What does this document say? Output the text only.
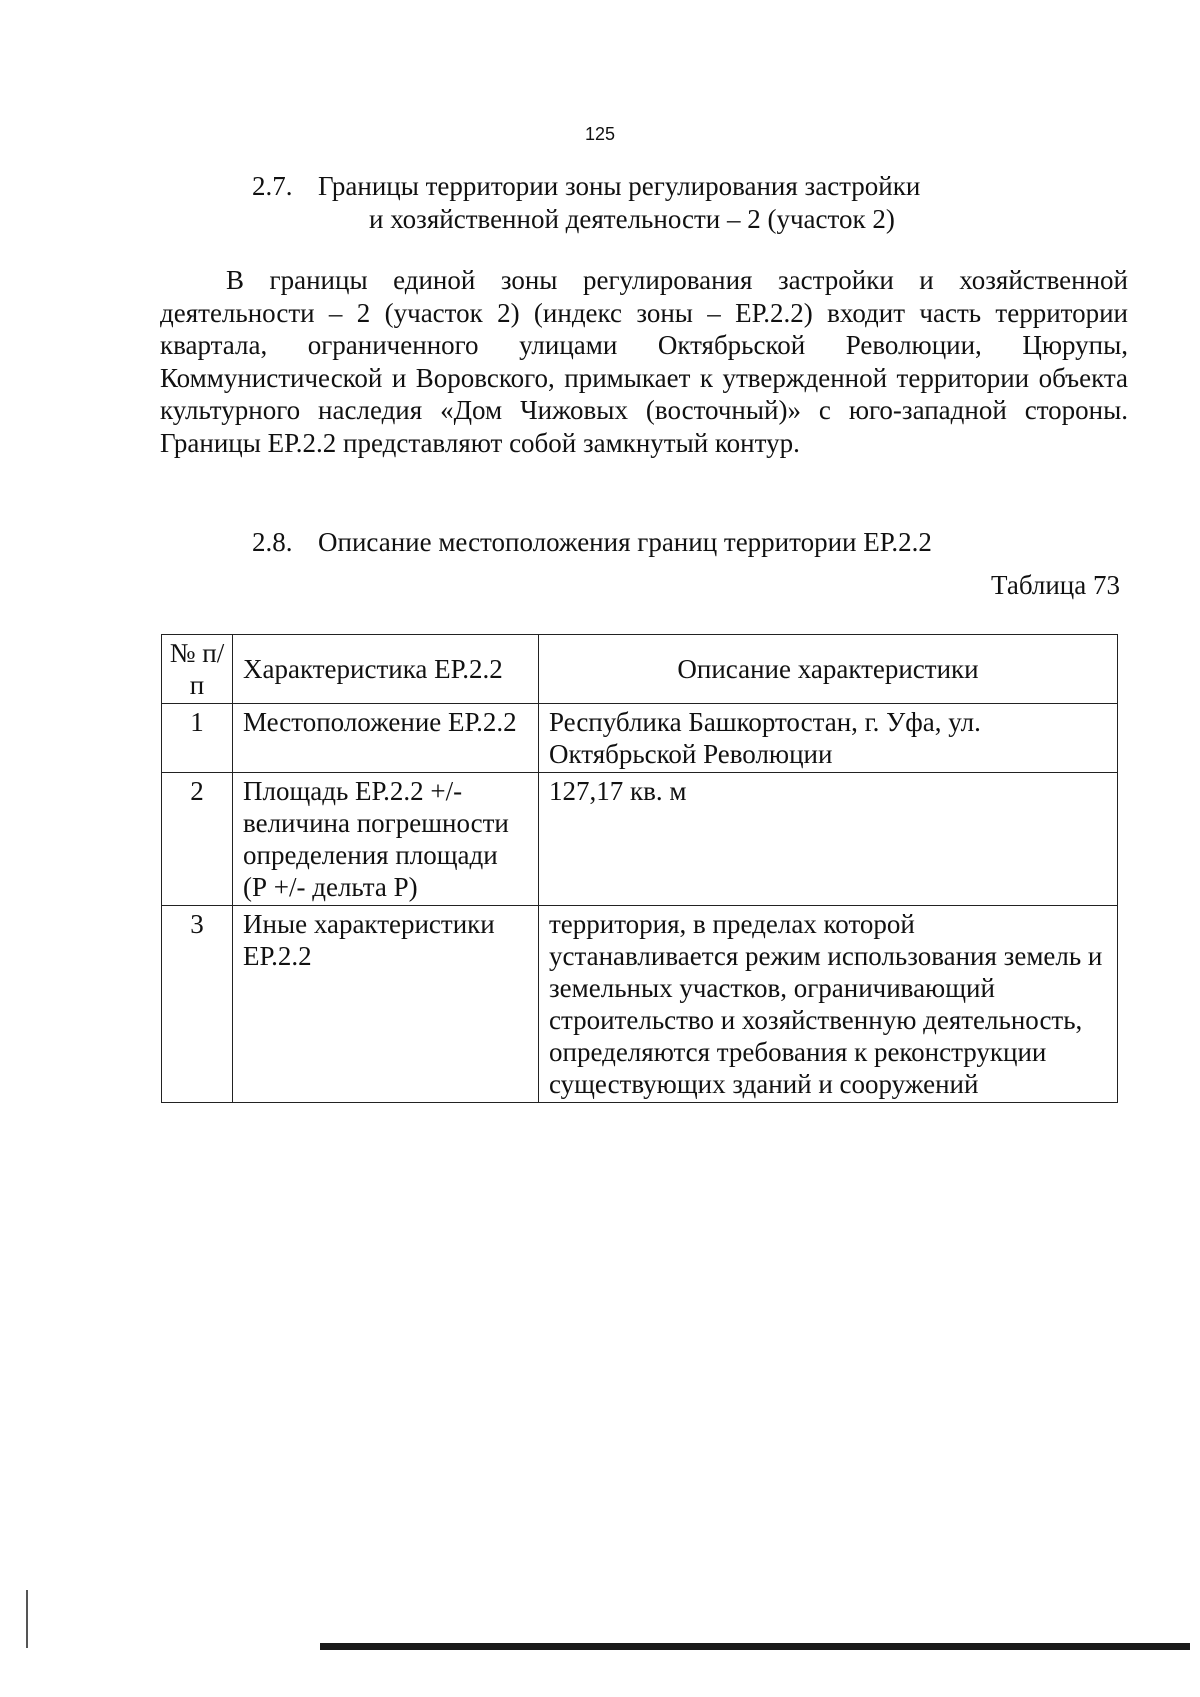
125
2.7. Границы территории зоны регулирования застройки
и хозяйственной деятельности – 2 (участок 2)
В границы единой зоны регулирования застройки и хозяйственной деятельности – 2 (участок 2) (индекс зоны – ЕР.2.2) входит часть территории квартала, ограниченного улицами Октябрьской Революции, Цюрупы, Коммунистической и Воровского, примыкает к утвержденной территории объекта культурного наследия «Дом Чижовых (восточный)» с юго-западной стороны. Границы ЕР.2.2 представляют собой замкнутый контур.
2.8. Описание местоположения границ территории ЕР.2.2
Таблица 73
№ п/п	Характеристика ЕР.2.2	Описание характеристики
1	Местоположение ЕР.2.2	Республика Башкортостан, г. Уфа, ул. Октябрьской Революции
2	Площадь ЕР.2.2 +/- величина погрешности определения площади (Р +/- дельта Р)	127,17 кв. м
3	Иные характеристики ЕР.2.2	территория, в пределах которой устанавливается режим использования земель и земельных участков, ограничивающий строительство и хозяйственную деятельность, определяются требования к реконструкции существующих зданий и сооружений
